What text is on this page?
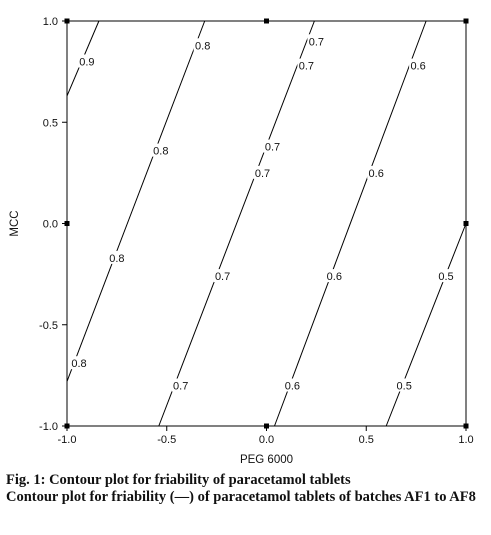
0.9
0.8
0.8
0.8
0.8
0.7
0.7
0.7
0.7
0.7
0.7
0.6
0.6
0.6
0.6
0.5
0.5
-1.0	-0.5	0.0	0.5	1.0
-1.0
-0.5
0.0
0.5
1.0
PEG 6000
MCC
Fig. 1: Contour plot for friability of paracetamol tablets
Contour plot for friability (—) of paracetamol tablets of batches AF1 to AF8
